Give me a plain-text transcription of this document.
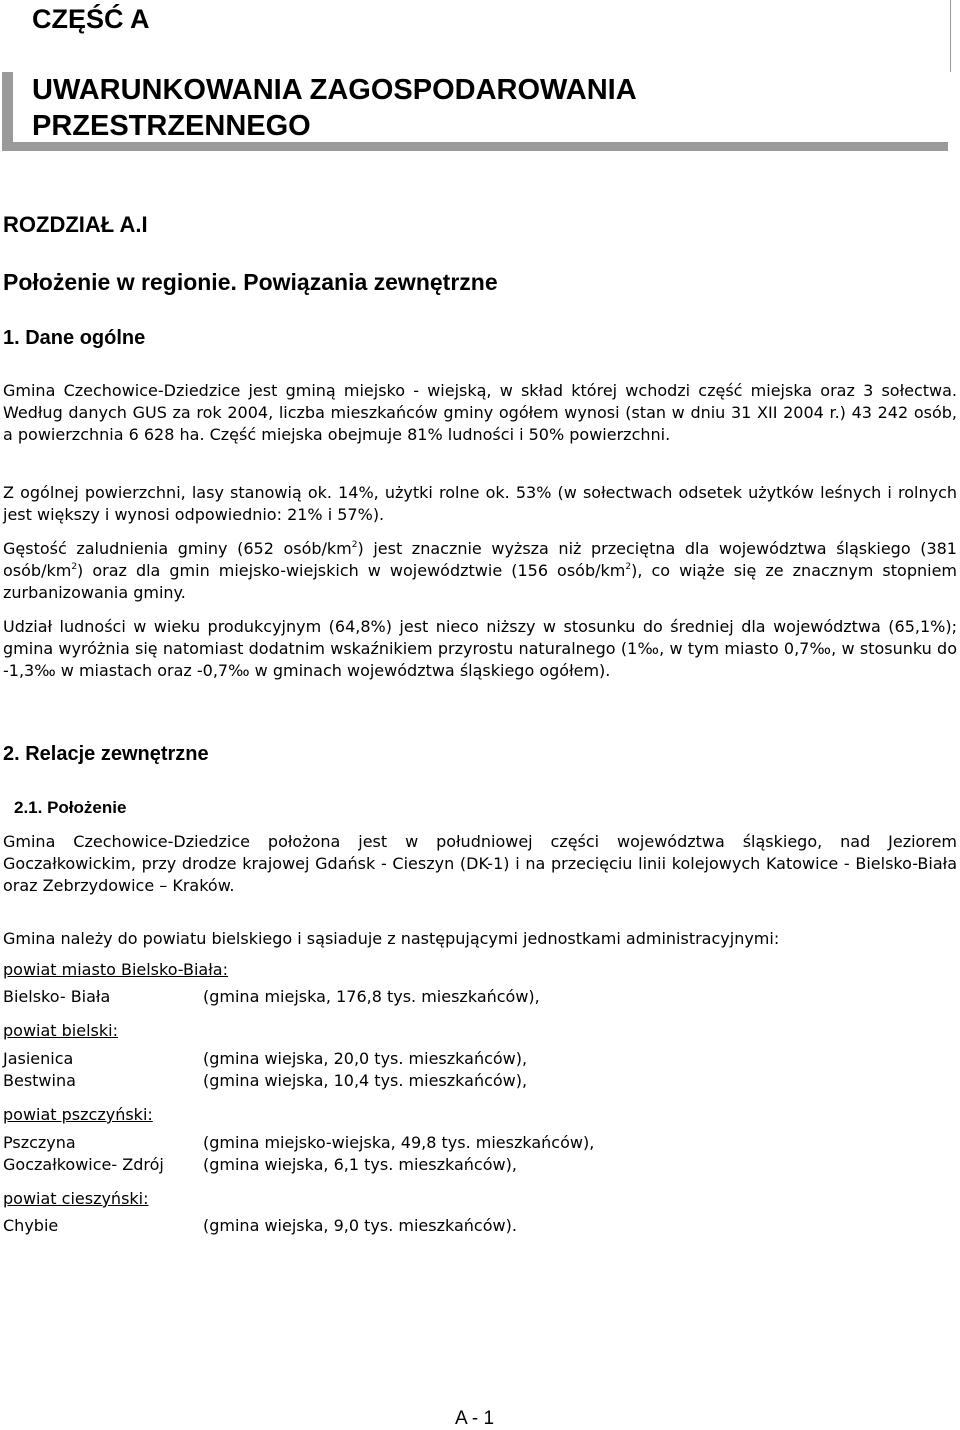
CZĘŚĆ A
UWARUNKOWANIA ZAGOSPODAROWANIA
PRZESTRZENNEGO
ROZDZIAŁ A.I
Położenie w regionie. Powiązania zewnętrzne
1. Dane ogólne

Gmina Czechowice-Dziedzice jest gminą miejsko - wiejską, w skład której wchodzi część miejska oraz 3 sołectwa. Według danych GUS za rok 2004, liczba mieszkańców gminy ogółem wynosi (stan w dniu 31 XII 2004 r.) 43 242 osób, a powierzchnia 6 628 ha. Część miejska obejmuje 81% ludności i 50% powierzchni.

Z ogólnej powierzchni, lasy stanowią ok. 14%, użytki rolne ok. 53% (w sołectwach odsetek użytków leśnych i rolnych jest większy i wynosi odpowiednio: 21% i 57%).

Gęstość zaludnienia gminy (652 osób/$km^2$) jest znacznie wyższa niż przeciętna dla województwa śląskiego (381 osób/$km^2$) oraz dla gmin miejsko-wiejskich w województwie (156 osób/$km^2$), co wiąże się ze znacznym stopniem zurbanizowania gminy.

Udział ludności w wieku produkcyjnym (64,8%) jest nieco niższy w stosunku do średniej dla województwa (65,1%); gmina wyróżnia się natomiast dodatnim wskaźnikiem przyrostu naturalnego (1‰, w tym miasto 0,7‰, w stosunku do -1,3‰ w miastach oraz -0,7‰ w gminach województwa śląskiego ogółem).

2. Relacje zewnętrzne
2.1. Położenie

Gmina Czechowice-Dziedzice położona jest w południowej części województwa śląskiego, nad Jeziorem Goczałkowickim, przy drodze krajowej Gdańsk - Cieszyn (DK-1) i na przecięciu linii kolejowych Katowice - Bielsko-Biała oraz Zebrzydowice – Kraków.

Gmina należy do powiatu bielskiego i sąsiaduje z następującymi jednostkami administracyjnymi:

powiat miasto Bielsko-Biała:
Bielsko- Biała	(gmina miejska, 176,8 tys. mieszkańców),
powiat bielski:
Jasienica	(gmina wiejska, 20,0 tys. mieszkańców),
Bestwina	(gmina wiejska, 10,4 tys. mieszkańców),
powiat pszczyński:
Pszczyna	(gmina miejsko-wiejska, 49,8 tys. mieszkańców),
Goczałkowice- Zdrój (gmina wiejska, 6,1 tys. mieszkańców),
powiat cieszyński:
Chybie	(gmina wiejska, 9,0 tys. mieszkańców).
A - 1
